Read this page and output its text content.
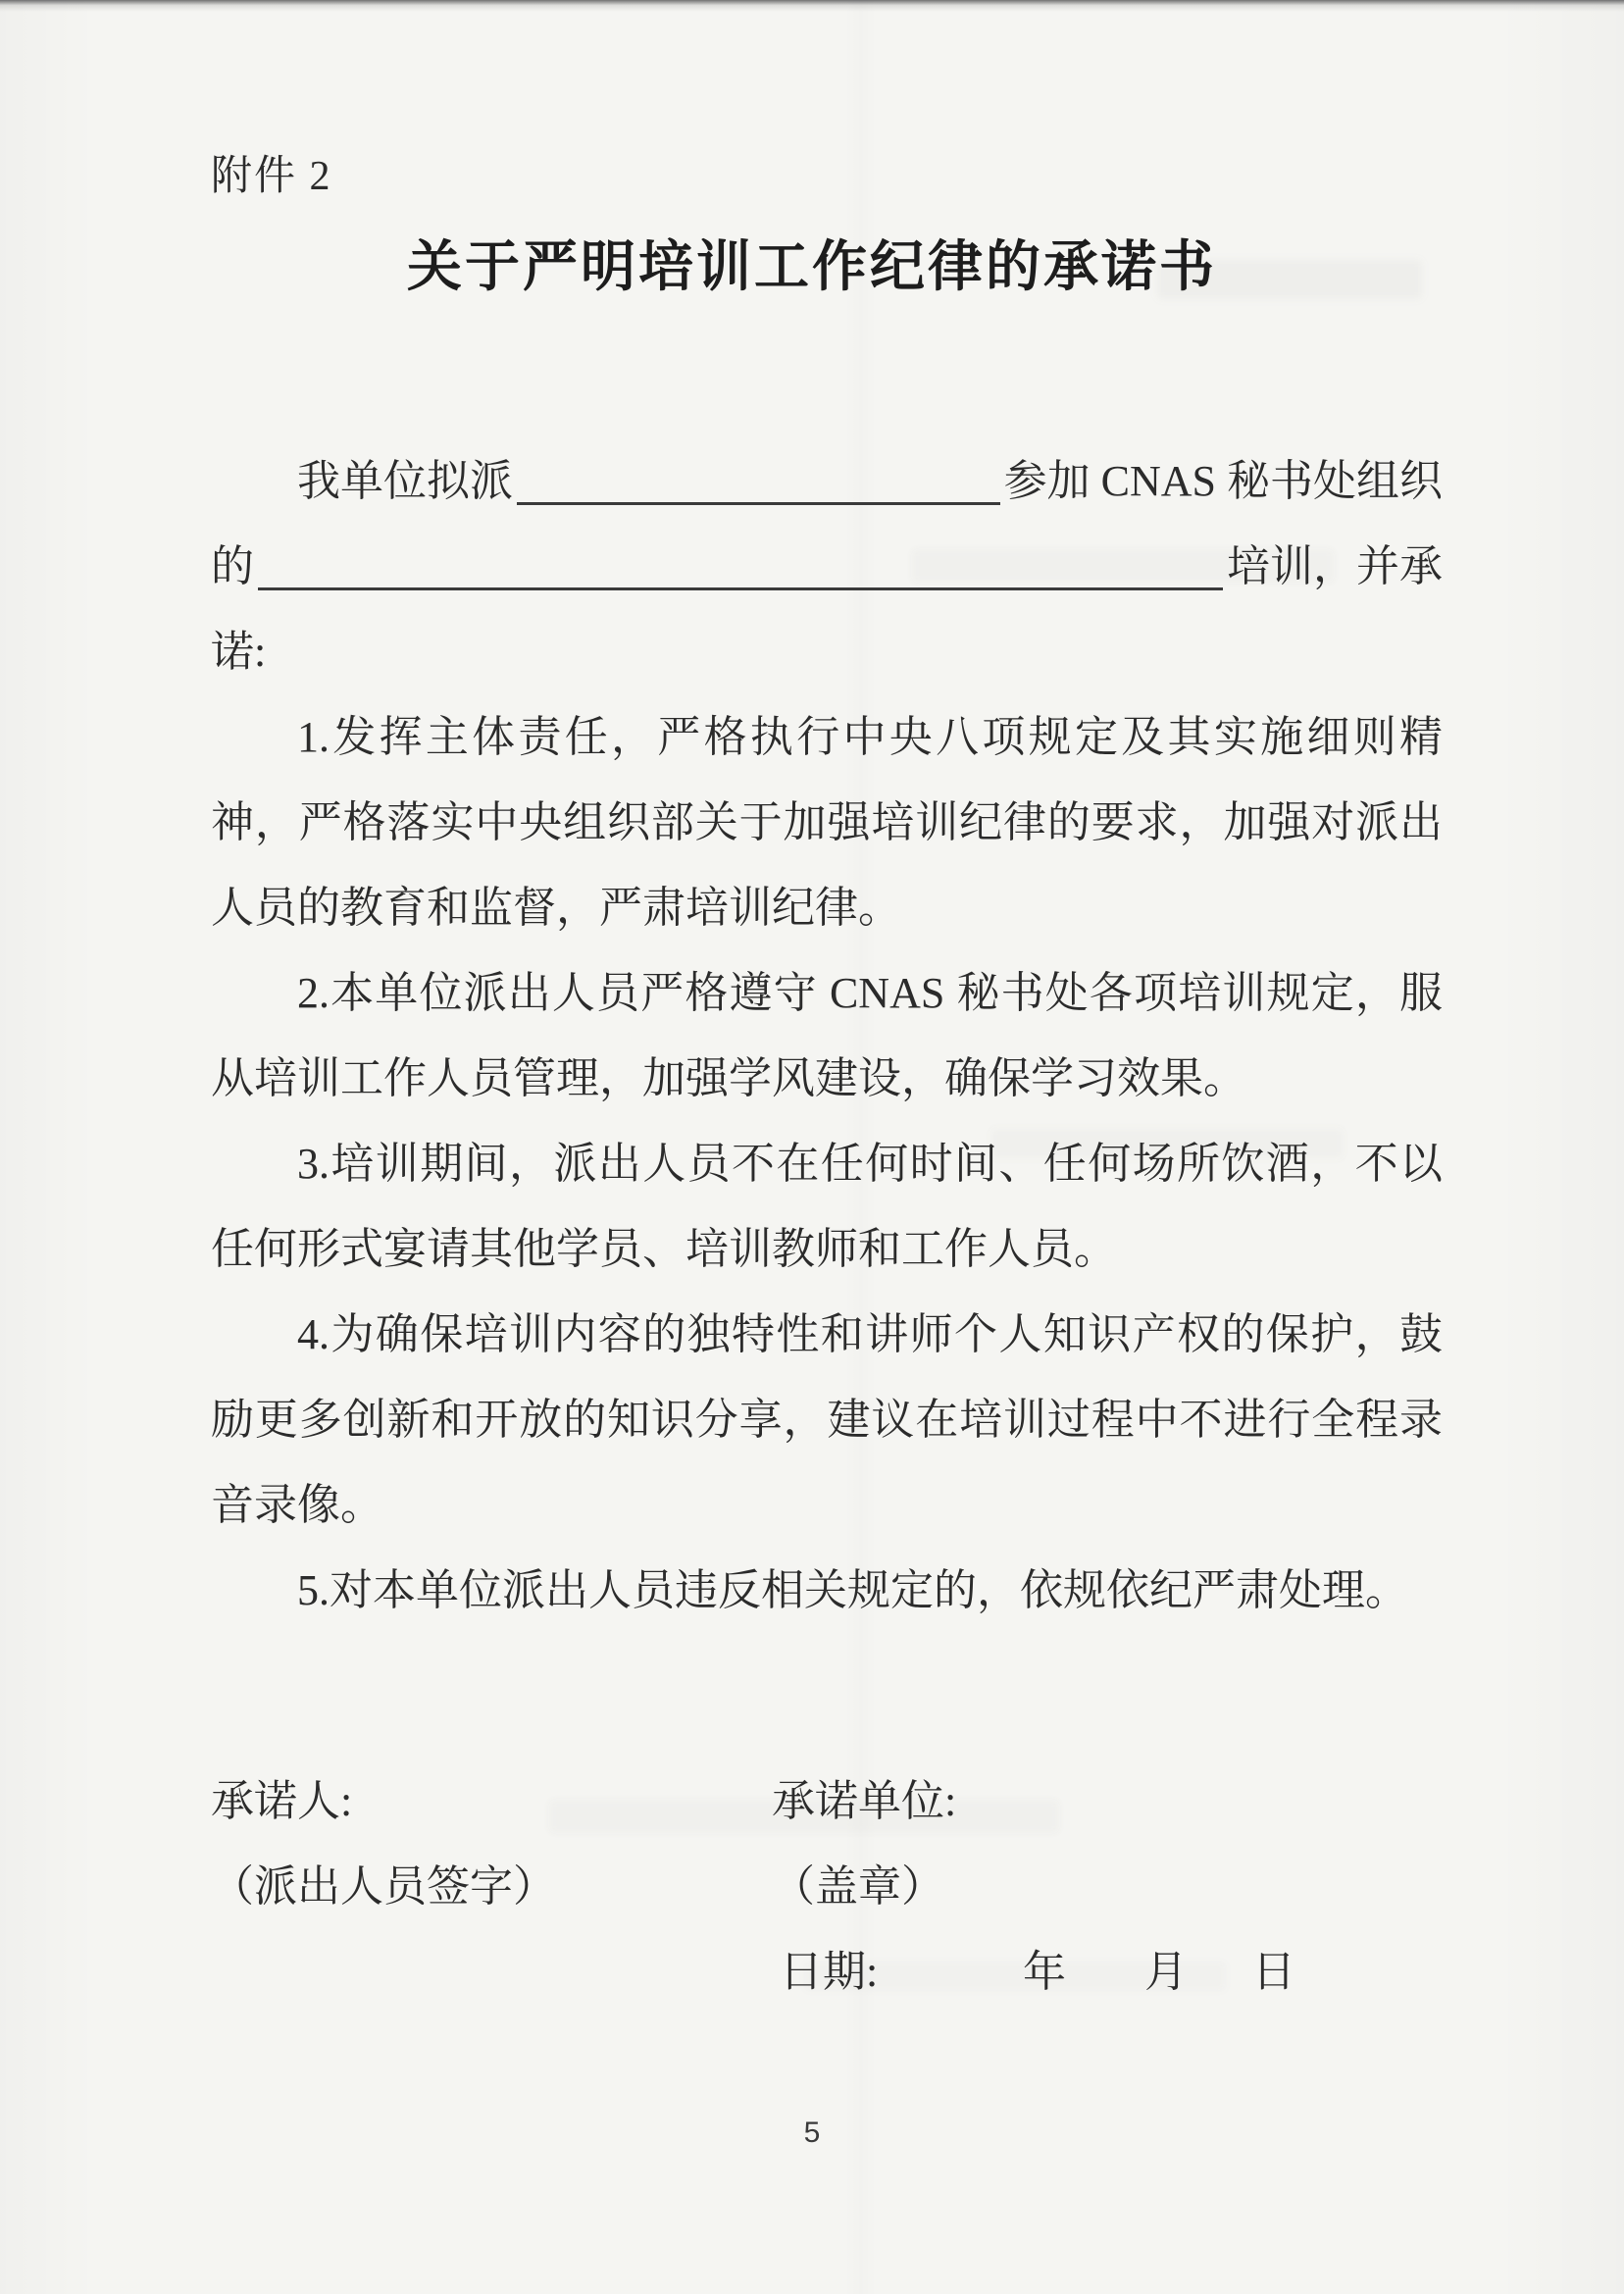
附件 2
关于严明培训工作纪律的承诺书
我单位拟派	参加 CNAS 秘书处组织
的	培训，并承
诺:

1.发挥主体责任，严格执行中央八项规定及其实施细则精神，严格落实中央组织部关于加强培训纪律的要求，加强对派出人员的教育和监督，严肃培训纪律。

2.本单位派出人员严格遵守 CNAS 秘书处各项培训规定，服从培训工作人员管理，加强学风建设，确保学习效果。

3.培训期间，派出人员不在任何时间、任何场所饮酒，不以任何形式宴请其他学员、培训教师和工作人员。

4.为确保培训内容的独特性和讲师个人知识产权的保护，鼓励更多创新和开放的知识分享，建议在培训过程中不进行全程录音录像。

5.对本单位派出人员违反相关规定的，依规依纪严肃处理。

承诺人:	承诺单位:
（派出人员签字）	（盖章）
日期:	年 月 日
5
